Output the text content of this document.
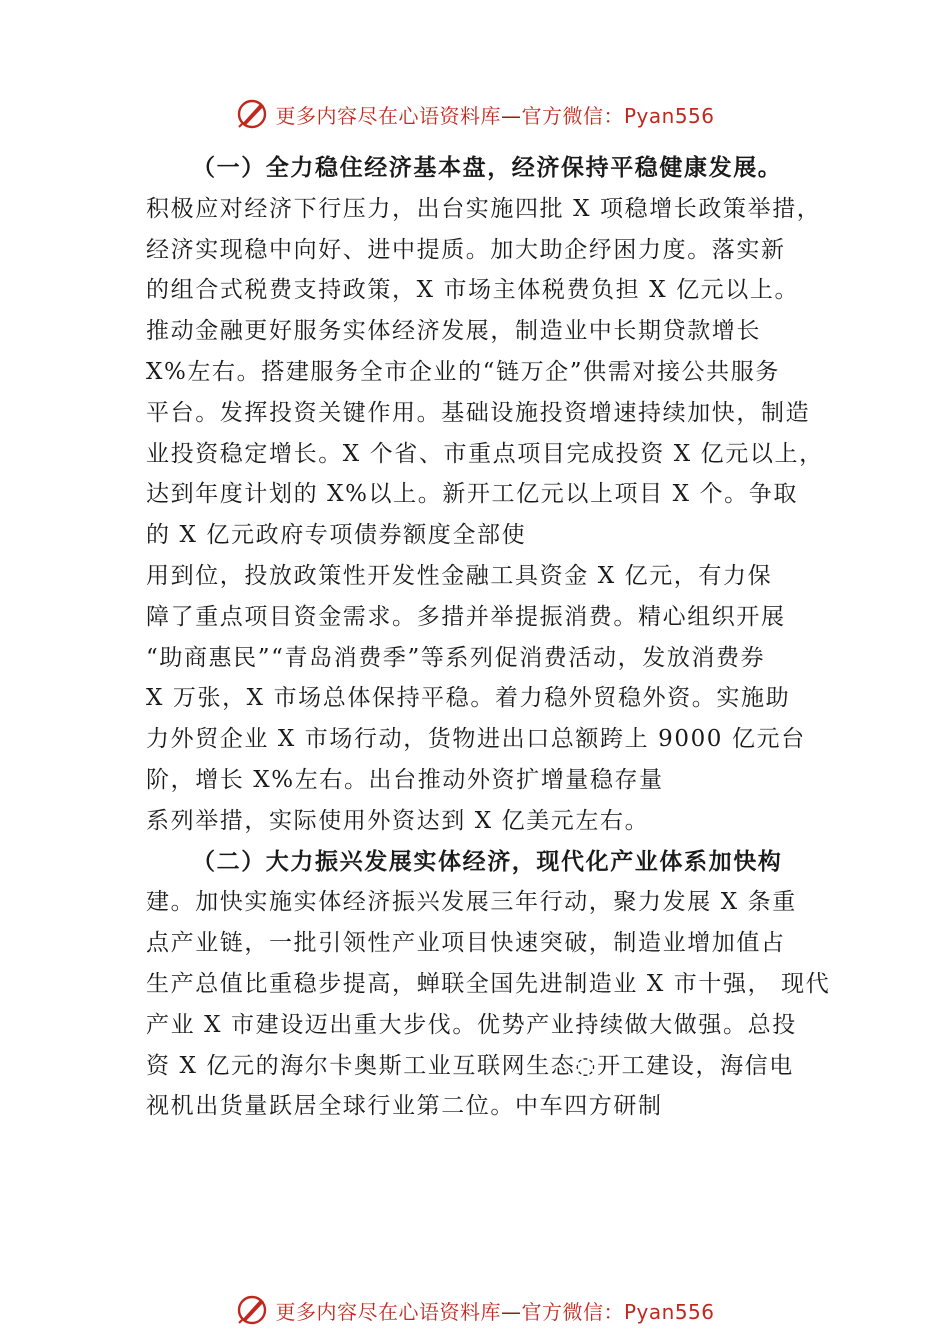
更多内容尽在心语资料库—官方微信：Pyan556
（一）全力稳住经济基本盘，经济保持平稳健康发展。
积极应对经济下行压力，出台实施四批 X 项稳增长政策举措，
经济实现稳中向好、进中提质。加大助企纾困力度。落实新
的组合式税费支持政策，X 市场主体税费负担 X 亿元以上。
推动金融更好服务实体经济发展，制造业中长期贷款增长
X%左右。搭建服务全市企业的“链万企”供需对接公共服务
平台。发挥投资关键作用。基础设施投资增速持续加快，制造
业投资稳定增长。X 个省、市重点项目完成投资 X 亿元以上，
达到年度计划的 X%以上。新开工亿元以上项目 X 个。争取
的 X 亿元政府专项债券额度全部使
用到位，投放政策性开发性金融工具资金 X 亿元，有力保
障了重点项目资金需求。多措并举提振消费。精心组织开展
“助商惠民”“青岛消费季”等系列促消费活动，发放消费券
X 万张，X 市场总体保持平稳。着力稳外贸稳外资。实施助
力外贸企业 X 市场行动，货物进出口总额跨上 9000 亿元台
阶，增长 X%左右。出台推动外资扩增量稳存量
系列举措，实际使用外资达到 X 亿美元左右。
（二）大力振兴发展实体经济，现代化产业体系加快构
建。加快实施实体经济振兴发展三年行动，聚力发展 X 条重
点产业链，一批引领性产业项目快速突破，制造业增加值占
生产总值比重稳步提高，蝉联全国先进制造业 X 市十强， 现代
产业 X 市建设迈出重大步伐。优势产业持续做大做强。总投
资 X 亿元的海尔卡奥斯工业互联网生态◌开工建设，海信电
视机出货量跃居全球行业第二位。中车四方研制
更多内容尽在心语资料库—官方微信：Pyan556
